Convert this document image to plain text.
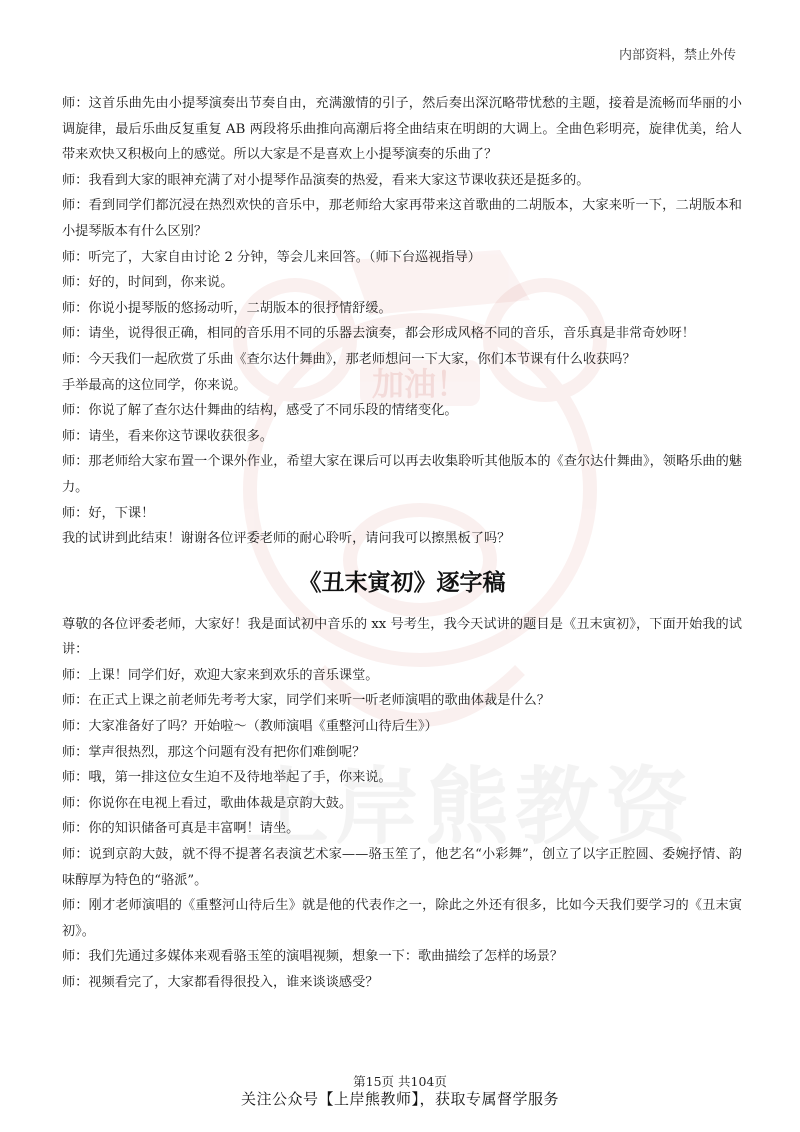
加油！
内部资料，禁止外传

师：这首乐曲先由小提琴演奏出节奏自由，充满激情的引子，然后奏出深沉略带忧愁的主题，接着是流畅而华丽的小调旋律，最后乐曲反复重复 AB 两段将乐曲推向高潮后将全曲结束在明朗的大调上。全曲色彩明亮，旋律优美，给人带来欢快又积极向上的感觉。所以大家是不是喜欢上小提琴演奏的乐曲了？

师：我看到大家的眼神充满了对小提琴作品演奏的热爱，看来大家这节课收获还是挺多的。

师：看到同学们都沉浸在热烈欢快的音乐中，那老师给大家再带来这首歌曲的二胡版本，大家来听一下，二胡版本和小提琴版本有什么区别？

师：听完了，大家自由讨论 2 分钟，等会儿来回答。（师下台巡视指导）

师：好的，时间到，你来说。

师：你说小提琴版的悠扬动听，二胡版本的很抒情舒缓。

师：请坐，说得很正确，相同的音乐用不同的乐器去演奏，都会形成风格不同的音乐，音乐真是非常奇妙呀！

师：今天我们一起欣赏了乐曲《查尔达什舞曲》，那老师想问一下大家，你们本节课有什么收获吗？

手举最高的这位同学，你来说。

师：你说了解了查尔达什舞曲的结构，感受了不同乐段的情绪变化。

师：请坐，看来你这节课收获很多。

师：那老师给大家布置一个课外作业，希望大家在课后可以再去收集聆听其他版本的《查尔达什舞曲》，领略乐曲的魅力。

师：好，下课！

我的试讲到此结束！谢谢各位评委老师的耐心聆听，请问我可以擦黑板了吗？

《丑末寅初》逐字稿

尊敬的各位评委老师，大家好！我是面试初中音乐的 xx 号考生，我今天试讲的题目是《丑末寅初》，下面开始我的试讲：

师：上课！同学们好，欢迎大家来到欢乐的音乐课堂。

师：在正式上课之前老师先考考大家，同学们来听一听老师演唱的歌曲体裁是什么？

师：大家准备好了吗？开始啦～（教师演唱《重整河山待后生》）

师：掌声很热烈，那这个问题有没有把你们难倒呢？

师：哦，第一排这位女生迫不及待地举起了手，你来说。

师：你说你在电视上看过，歌曲体裁是京韵大鼓。

师：你的知识储备可真是丰富啊！请坐。

师：说到京韵大鼓，就不得不提著名表演艺术家——骆玉笙了，他艺名“小彩舞”，创立了以字正腔圆、委婉抒情、韵味醇厚为特色的“骆派”。

师：刚才老师演唱的《重整河山待后生》就是他的代表作之一，除此之外还有很多，比如今天我们要学习的《丑末寅初》。

师：我们先通过多媒体来观看骆玉笙的演唱视频，想象一下：歌曲描绘了怎样的场景？

师：视频看完了，大家都看得很投入，谁来谈谈感受？

第15页 共104页
关注公众号【上岸熊教师】，获取专属督学服务
